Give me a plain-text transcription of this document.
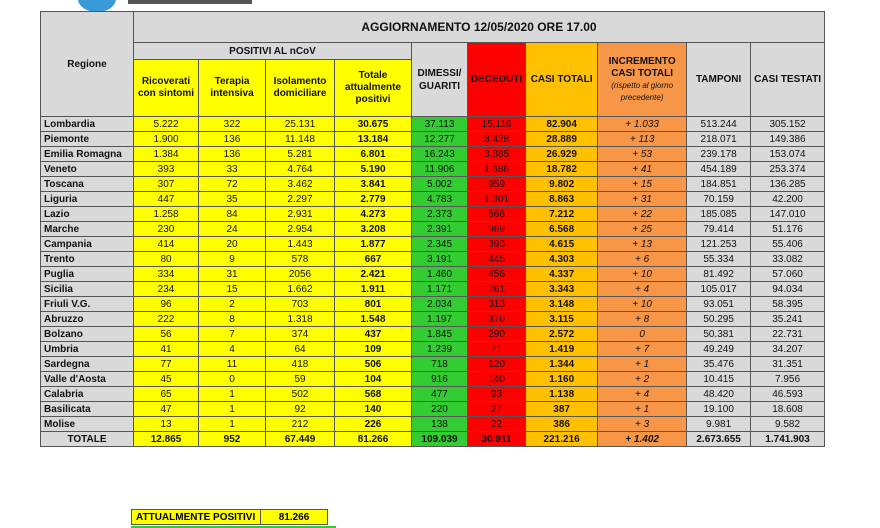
Regione	AGGIORNAMENTO 12/05/2020 ORE 17.00									
	POSITIVI AL nCoV				DIMESSI/ GUARITI	DECEDUTI	CASI TOTALI	INCREMENTO CASI TOTALI
(rispetto al giorno precedente)	TAMPONI	CASI TESTATI
	Ricoverati con sintomi	Terapia intensiva	Isolamento domiciliare	Totale attualmente positivi						
Lombardia	5.222	322	25.131	30.675	37.113	15.116	82.904	+ 1.033	513.244	305.152
Piemonte	1.900	136	11.148	13.184	12.277	3.428	28.889	+ 113	218.071	149.386
Emilia Romagna	1.384	136	5.281	6.801	16.243	3.885	26.929	+ 53	239.178	153.074
Veneto	393	33	4.764	5.190	11.906	1.686	18.782	+ 41	454.189	253.374
Toscana	307	72	3.462	3.841	5.002	959	9.802	+ 15	184.851	136.285
Liguria	447	35	2.297	2.779	4.783	1.301	8.863	+ 31	70.159	42.200
Lazio	1.258	84	2.931	4.273	2.373	566	7.212	+ 22	185.085	147.010
Marche	230	24	2.954	3.208	2.391	969	6.568	+ 25	79.414	51.176
Campania	414	20	1.443	1.877	2.345	393	4.615	+ 13	121.253	55.406
Trento	80	9	578	667	3.191	445	4.303	+ 6	55.334	33.082
Puglia	334	31	2056	2.421	1.460	456	4.337	+ 10	81.492	57.060
Sicilia	234	15	1.662	1.911	1.171	261	3.343	+ 4	105.017	94.034
Friuli V.G.	96	2	703	801	2.034	313	3.148	+ 10	93.051	58.395
Abruzzo	222	8	1.318	1.548	1.197	370	3.115	+ 8	50.295	35.241
Bolzano	56	7	374	437	1.845	290	2.572	0	50.381	22.731
Umbria	41	4	64	109	1.239	71	1.419	+ 7	49.249	34.207
Sardegna	77	11	418	506	718	120	1.344	+ 1	35.476	31.351
Valle d'Aosta	45	0	59	104	916	140	1.160	+ 2	10.415	7.956
Calabria	65	1	502	568	477	93	1.138	+ 4	48.420	46.593
Basilicata	47	1	92	140	220	27	387	+ 1	19.100	18.608
Molise	13	1	212	226	138	22	386	+ 3	9.981	9.582
TOTALE	12.865	952	67.449	81.266	109.039	30.911	221.216	+ 1.402	2.673.655	1.741.903
ATTUALMENTE POSITIVI	81.266
